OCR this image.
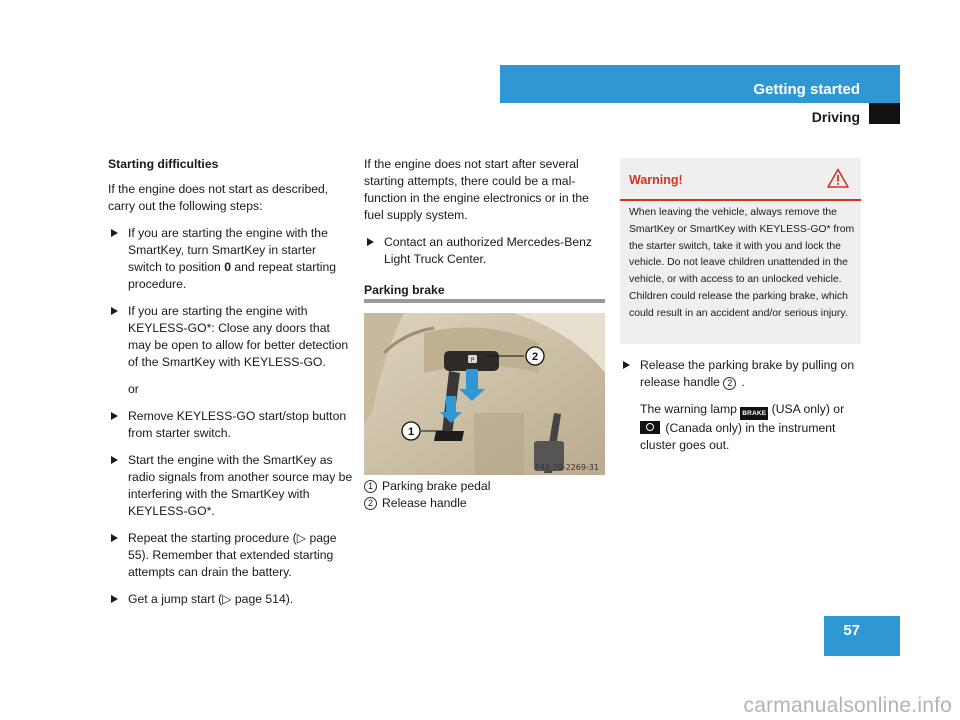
Getting started
Driving
Starting difficulties
If the engine does not start as described, carry out the following steps:
If you are starting the engine with the SmartKey, turn SmartKey in starter switch to position 0 and repeat starting procedure.
If you are starting the engine with KEYLESS-GO*: Close any doors that may be open to allow for better detection of the SmartKey with KEYLESS-GO.
or
Remove KEYLESS-GO start/stop button from starter switch.
Start the engine with the SmartKey as radio signals from another source may be interfering with the SmartKey with KEYLESS-GO*.
Repeat the starting procedure (▷ page 55). Remember that extended starting attempts can drain the battery.
Get a jump start (▷ page 514).
If the engine does not start after several starting attempts, there could be a mal-function in the engine electronics or in the fuel supply system.
Contact an authorized Mercedes-Benz Light Truck Center.
Parking brake
P	2
1
P42.20-2269-31
1 Parking brake pedal
2 Release handle
Warning!
When leaving the vehicle, always remove the SmartKey or SmartKey with KEYLESS-GO* from the starter switch, take it with you and lock the vehicle. Do not leave children unattended in the vehicle, or with access to an unlocked vehicle. Children could release the parking brake, which could result in an accident and/or serious injury.
Release the parking brake by pulling on release handle 2 .
The warning lamp BRAKE (USA only) or

(Canada only) in the instrument cluster goes out.
57
carmanualsonline.info
